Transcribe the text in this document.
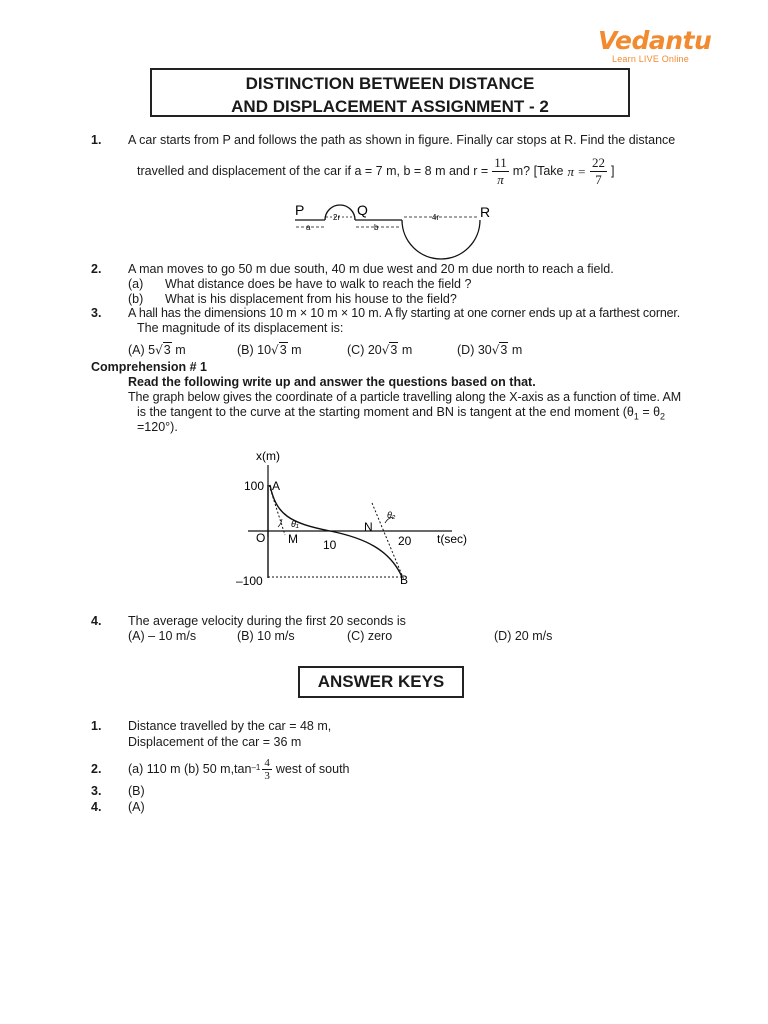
Vedantu
Learn LIVE Online
DISTINCTION BETWEEN DISTANCE
AND DISPLACEMENT ASSIGNMENT - 2
1. A car starts from P and follows the path as shown in figure. Finally car stops at R. Find the distance
travelled and displacement of the car if a = 7 m, b = 8 m and $r = \frac{11}{\pi} m$? [Take $\pi = \frac{22}{7}$ ]
P	Q	R
a
2r
b
4r
2. A man moves to go 50 m due south, 40 m due west and 20 m due north to reach a field.
(a) What distance does be have to walk to reach the field ?
(b) What is his displacement from his house to the field?
3. A hall has the dimensions 10 m × 10 m × 10 m. A fly starting at one corner ends up at a farthest corner.
The magnitude of its displacement is:
(A) 5√3 m	(B) 10√3 m	(C) 20√3 m	(D) 30√3 m
Comprehension # 1
Read the following write up and answer the questions based on that.
The graph below gives the coordinate of a particle travelling along the X-axis as a function of time. AM
is the tangent to the curve at the starting moment and BN is tangent at the end moment ($\theta_1 = \theta_2$
=120°).
x(m)
t(sec)
100
–100
O	10	20
A
B
M
N
θ₁
θ₂
4. The average velocity during the first 20 seconds is
(A) – 10 m/s	(B) 10 m/s	(C) zero	(D) 20 m/s
ANSWER KEYS
1. Distance travelled by the car = 48 m,
Displacement of the car = 36 m
2. (a) 110 m (b) 50 m,tan $-1 \frac{4}{3}$ west of south
3. (B)
4. (A)
